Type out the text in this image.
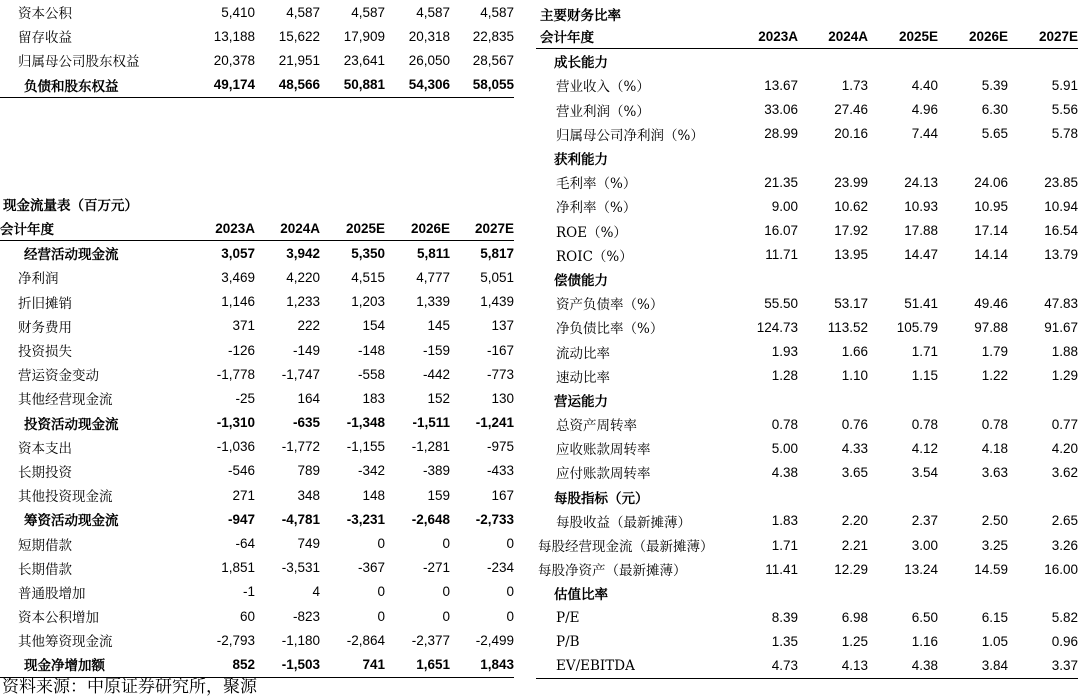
资本公积	5,410	4,587	4,587	4,587	4,587
留存收益	13,188	15,622	17,909	20,318	22,835
归属母公司股东权益	20,378	21,951	23,641	26,050	28,567
负债和股东权益	49,174	48,566	50,881	54,306	58,055
现金流量表（百万元）
会计年度	2023A	2024A	2025E	2026E	2027E
经营活动现金流	3,057	3,942	5,350	5,811	5,817
净利润	3,469	4,220	4,515	4,777	5,051
折旧摊销	1,146	1,233	1,203	1,339	1,439
财务费用	371	222	154	145	137
投资损失	-126	-149	-148	-159	-167
营运资金变动	-1,778	-1,747	-558	-442	-773
其他经营现金流	-25	164	183	152	130
投资活动现金流	-1,310	-635	-1,348	-1,511	-1,241
资本支出	-1,036	-1,772	-1,155	-1,281	-975
长期投资	-546	789	-342	-389	-433
其他投资现金流	271	348	148	159	167
筹资活动现金流	-947	-4,781	-3,231	-2,648	-2,733
短期借款	-64	749	0	0	0
长期借款	1,851	-3,531	-367	-271	-234
普通股增加	-1	4	0	0	0
资本公积增加	60	-823	0	0	0
其他筹资现金流	-2,793	-1,180	-2,864	-2,377	-2,499
现金净增加额	852	-1,503	741	1,651	1,843
主要财务比率
会计年度	2023A	2024A	2025E	2026E	2027E
成长能力					
营业收入（%）	13.67	1.73	4.40	5.39	5.91
营业利润（%）	33.06	27.46	4.96	6.30	5.56
归属母公司净利润（%）	28.99	20.16	7.44	5.65	5.78
获利能力					
毛利率（%）	21.35	23.99	24.13	24.06	23.85
净利率（%）	9.00	10.62	10.93	10.95	10.94
ROE（%）	16.07	17.92	17.88	17.14	16.54
ROIC（%）	11.71	13.95	14.47	14.14	13.79
偿债能力					
资产负债率（%）	55.50	53.17	51.41	49.46	47.83
净负债比率（%）	124.73	113.52	105.79	97.88	91.67
流动比率	1.93	1.66	1.71	1.79	1.88
速动比率	1.28	1.10	1.15	1.22	1.29
营运能力					
总资产周转率	0.78	0.76	0.78	0.78	0.77
应收账款周转率	5.00	4.33	4.12	4.18	4.20
应付账款周转率	4.38	3.65	3.54	3.63	3.62
每股指标（元）					
每股收益（最新摊薄）	1.83	2.20	2.37	2.50	2.65
每股经营现金流（最新摊薄）	1.71	2.21	3.00	3.25	3.26
每股净资产（最新摊薄）	11.41	12.29	13.24	14.59	16.00
估值比率					
P/E	8.39	6.98	6.50	6.15	5.82
P/B	1.35	1.25	1.16	1.05	0.96
EV/EBITDA	4.73	4.13	4.38	3.84	3.37
资料来源：中原证券研究所，聚源
